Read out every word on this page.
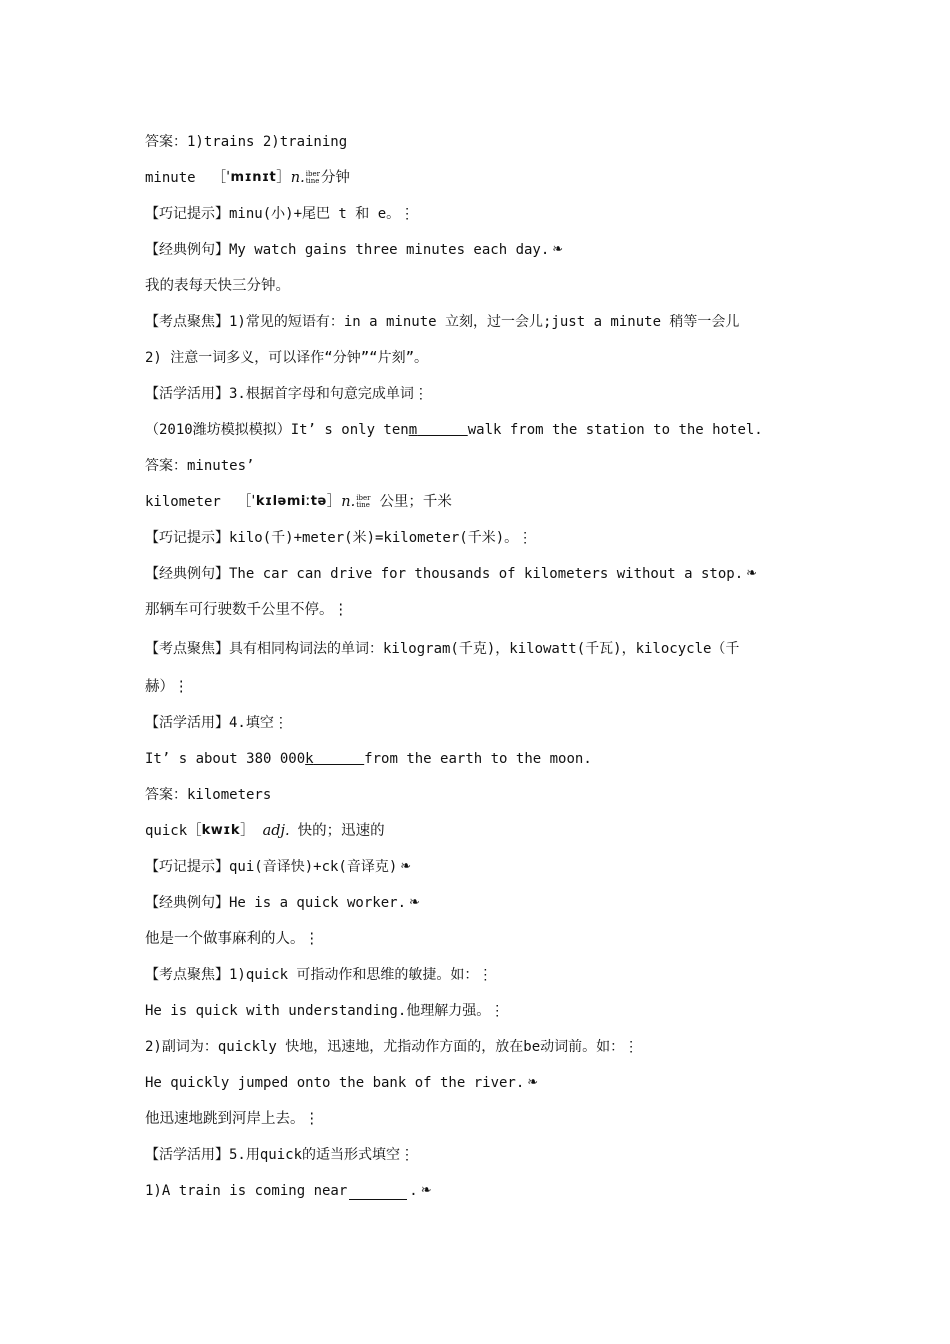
答案：1)trains 2)training
minute ［ ˈmɪnɪt ］ n. iber
tine 分钟
【巧记提示】minu(小)+尾巴 t 和 e。⋮
【经典例句】My watch gains three minutes each day. ❧
我的表每天快三分钟。
【考点聚焦】1)常见的短语有：in a minute 立刻，过一会儿;just a minute 稍等一会儿
2) 注意一词多义，可以译作“分钟”“片刻”。
【活学活用】3.根据首字母和句意完成单词⋮
（2010潍坊模拟模拟）It’ s only ten m	walk from the station to the hotel.
答案：minutes’
kilometer ［ ˈkɪləmiːtə ］ n. iber
tine 公里；千米
【巧记提示】kilo(千)+meter(米)=kilometer(千米)。⋮
【经典例句】The car can drive for thousands of kilometers without a stop. ❧
那辆车可行驶数千公里不停。⋮
【考点聚焦】具有相同构词法的单词：kilogram(千克)，kilowatt(千瓦)，kilocycle（千
赫）⋮
【活学活用】4.填空⋮
It’ s about 380 000 k	from the earth to the moon.
答案：kilometers
quick ［ kwɪk ］ adj. 快的；迅速的
【巧记提示】qui(音译快)+ck(音译克) ❧
【经典例句】He is a quick worker. ❧
他是一个做事麻利的人。⋮
【考点聚焦】1)quick 可指动作和思维的敏捷。如：⋮
He is quick with understanding.他理解力强。⋮
2)副词为：quickly 快地，迅速地，尤指动作方面的，放在be动词前。如：⋮
He quickly jumped onto the bank of the river. ❧
他迅速地跳到河岸上去。⋮
【活学活用】5.用quick的适当形式填空⋮
1)A train is coming near	. ❧
